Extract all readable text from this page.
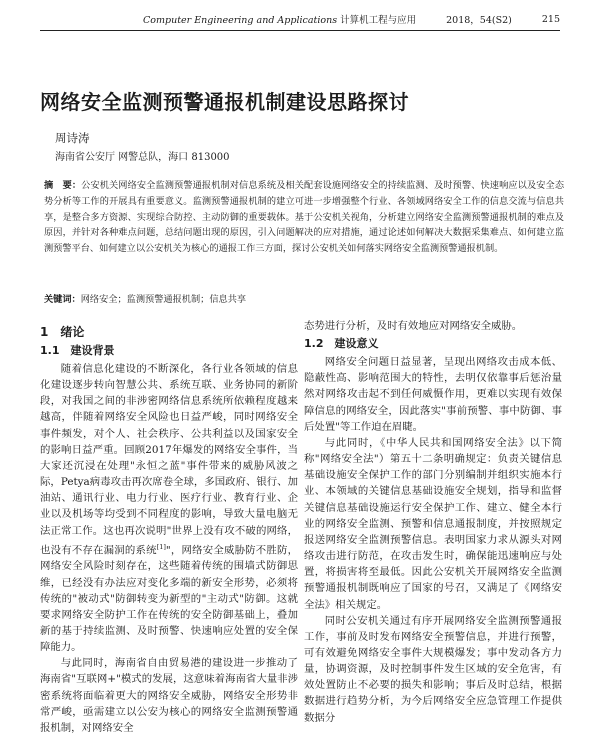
Computer Engineering and Applications 计算机工程与应用	2018，54(S2)	215
网络安全监测预警通报机制建设思路探讨
周诗涛
海南省公安厅 网警总队，海口 813000

摘　要：公安机关网络安全监测预警通报机制对信息系统及相关配套设施网络安全的持续监测、及时预警、快速响应以及安全态势分析等工作的开展具有重要意义。监测预警通报机制的建立可进一步增强整个行业、各领域网络安全工作的信息交流与信息共享，是整合多方资源、实现综合防控、主动防御的重要载体。基于公安机关视角，分析建立网络安全监测预警通报机制的难点及原因，并针对各种难点问题，总结问题出现的原因，引入问题解决的应对措施，通过论述如何解决大数据采集难点、如何建立监测预警平台、如何建立以公安机关为核心的通报工作三方面，探讨公安机关如何落实网络安全监测预警通报机制。

关键词：网络安全；监测预警通报机制；信息共享

1　绪论

1.1　建设背景

随着信息化建设的不断深化，各行业各领域的信息化建设逐步转向智慧公共、系统互联、业务协同的新阶段，对我国之间的非涉密网络信息系统所依赖程度越来越高，伴随着网络安全风险也日益严峻，同时网络安全事件频发，对个人、社会秩序、公共利益以及国家安全的影响日益严重。回顾2017年爆发的网络安全事件，当大家还沉浸在处理"永恒之蓝"事件带来的威胁风波之际，Petya病毒攻击再次席卷全球，多国政府、银行、加油站、通讯行业、电力行业、医疗行业、教育行业、企业以及机场等均受到不同程度的影响，导致大量电脑无法正常工作。这也再次说明"世界上没有攻不破的网络，也没有不存在漏洞的系统[1]"，网络安全威胁防不胜防，网络安全风险时刻存在，这些随着传统的围墙式防御思维，已经没有办法应对变化多端的新安全形势，必须将传统的"被动式"防御转变为新型的"主动式"防御。这就要求网络安全防护工作在传统的安全防御基础上，叠加新的基于持续监测、及时预警、快速响应处置的安全保障能力。

与此同时，海南省自由贸易港的建设进一步推动了海南省"互联网+"模式的发展，这意味着海南省大量非涉密系统将面临着更大的网络安全威胁，网络安全形势非常严峻，亟需建立以公安为核心的网络安全监测预警通报机制，对网络安全

态势进行分析，及时有效地应对网络安全威胁。

1.2　建设意义

网络安全问题日益显著，呈现出网络攻击成本低、隐蔽性高、影响范围大的特性，去明仅依靠事后惩治量然对网络攻击起不到任何威慑作用，更难以实现有效保障信息的网络安全，因此落实"事前预警、事中防御、事后处置"等工作迫在眉睫。

与此同时，《中华人民共和国网络安全法》以下简称"网络安全法"）第五十二条明确规定：负责关键信息基础设施安全保护工作的部门分别编制并组织实施本行业、本领域的关键信息基础设施安全规划，指导和监督关键信息基础设施运行安全保护工作、建立、健全本行业的网络安全监测、预警和信息通报制度，并按照规定报送网络安全监测预警信息。表明国家力求从源头对网络攻击进行防范，在攻击发生时，确保能迅速响应与处置，将损害将至最低。因此公安机关开展网络安全监测预警通报机制既响应了国家的号召，又满足了《网络安全法》相关规定。

同时公安机关通过有序开展网络安全监测预警通报工作，事前及时发布网络安全预警信息，并进行预警，可有效避免网络安全事件大规模爆发；事中发动各方力量，协调资源，及时控制事件发生区域的安全危害，有效处置防止不必要的损失和影响；事后及时总结，根据数据进行趋势分析，为今后网络安全应急管理工作提供数据分
